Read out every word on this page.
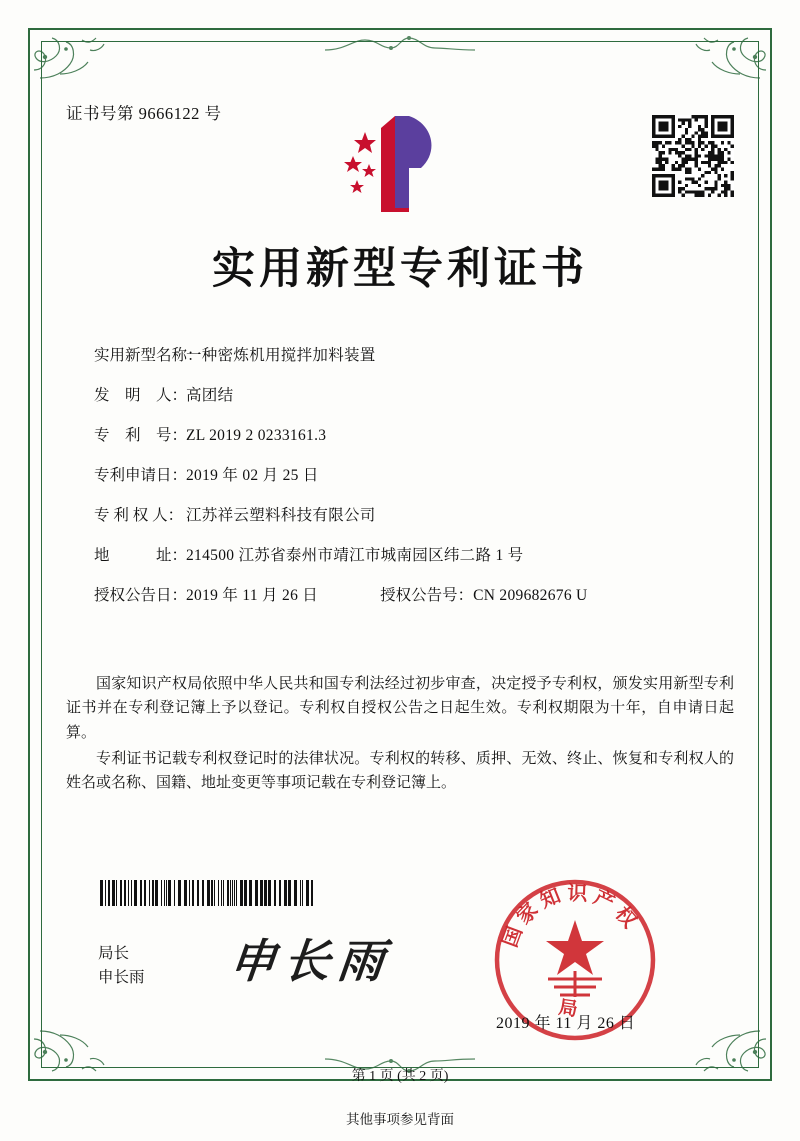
证书号第 9666122 号
实用新型专利证书
实用新型名称：
一种密炼机用搅拌加料装置
发　明　人：
高团结
专　利　号：
ZL 2019 2 0233161.3
专利申请日：
2019 年 02 月 25 日
专 利 权 人： 江苏祥云塑料科技有限公司
地　　　址：
214500 江苏省泰州市靖江市城南园区纬二路 1 号
授权公告日：
2019 年 11 月 26 日	授权公告号： CN 209682676 U

国家知识产权局依照中华人民共和国专利法经过初步审查，决定授予专利权，颁发实用新型专利证书并在专利登记簿上予以登记。专利权自授权公告之日起生效。专利权期限为十年，自申请日起算。

专利证书记载专利权登记时的法律状况。专利权的转移、质押、无效、终止、恢复和专利权人的姓名或名称、国籍、地址变更等事项记载在专利登记簿上。

局长
申长雨 申长雨	国 家 知 识 产 权
局
2019 年 11 月 26 日
第 1 页 (共 2 页)
其他事项参见背面
